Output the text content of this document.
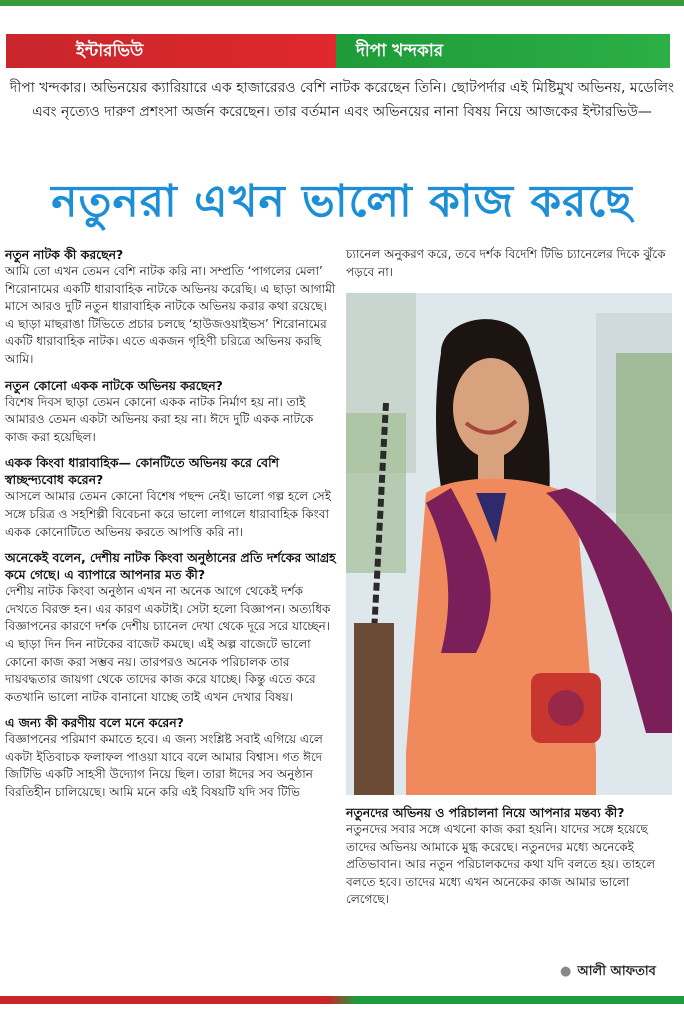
ইন্টারভিউ	দীপা খন্দকার
দীপা খন্দকার। অভিনয়ের ক্যারিয়ারে এক হাজারেরও বেশি নাটক করেছেন তিনি। ছোটপর্দার এই মিষ্টিমুখ অভিনয়, মডেলিং এবং নৃত্যেও দারুণ প্রশংসা অর্জন করেছেন। তার বর্তমান এবং অভিনয়ের নানা বিষয় নিয়ে আজকের ইন্টারভিউ—
নতুনরা এখন ভালো কাজ করছে

নতুন নাটক কী করছেন?

আমি তো এখন তেমন বেশি নাটক করি না। সম্প্রতি ‘পাগলের মেলা’ শিরোনামের একটি ধারাবাহিক নাটকে অভিনয় করেছি। এ ছাড়া আগামী মাসে আরও দুটি নতুন ধারাবাহিক নাটকে অভিনয় করার কথা রয়েছে। এ ছাড়া মাছরাঙা টিভিতে প্রচার চলছে ‘হাউজওয়াইভস’ শিরোনামের একটি ধারাবাহিক নাটক। এতে একজন গৃহিণী চরিত্রে অভিনয় করছি আমি।

নতুন কোনো একক নাটকে অভিনয় করছেন?

বিশেষ দিবস ছাড়া তেমন কোনো একক নাটক নির্মাণ হয় না। তাই আমারও তেমন একটা অভিনয় করা হয় না। ঈদে দুটি একক নাটকে কাজ করা হয়েছিল।

একক কিংবা ধারাবাহিক— কোনটিতে অভিনয় করে বেশি স্বাচ্ছন্দ্যবোধ করেন?

আসলে আমার তেমন কোনো বিশেষ পছন্দ নেই। ভালো গল্প হলে সেই সঙ্গে চরিত্র ও সহশিল্পী বিবেচনা করে ভালো লাগলে ধারাবাহিক কিংবা একক কোনোটিতে অভিনয় করতে আপত্তি করি না।

অনেকেই বলেন, দেশীয় নাটক কিংবা অনুষ্ঠানের প্রতি দর্শকের আগ্রহ কমে গেছে। এ ব্যাপারে আপনার মত কী?

দেশীয় নাটক কিংবা অনুষ্ঠান এখন না অনেক আগে থেকেই দর্শক দেখতে বিরক্ত হন। এর কারণ একটাই। সেটা হলো বিজ্ঞাপন। অত্যধিক বিজ্ঞাপনের কারণে দর্শক দেশীয় চ্যানেল দেখা থেকে দূরে সরে যাচ্ছেন। এ ছাড়া দিন দিন নাটকের বাজেট কমছে। এই অল্প বাজেটে ভালো কোনো কাজ করা সম্ভব নয়। তারপরও অনেক পরিচালক তার দায়বদ্ধতার জায়গা থেকে তাদের কাজ করে যাচ্ছে। কিন্তু এতে করে কতখানি ভালো নাটক বানানো যাচ্ছে তাই এখন দেখার বিষয়।

এ জন্য কী করণীয় বলে মনে করেন?

বিজ্ঞাপনের পরিমাণ কমাতে হবে। এ জন্য সংশ্লিষ্ট সবাই এগিয়ে এলে একটা ইতিবাচক ফলাফল পাওয়া যাবে বলে আমার বিশ্বাস। গত ঈদে জিটিভি একটি সাহসী উদ্যোগ নিয়ে ছিল। তারা ঈদের সব অনুষ্ঠান বিরতিহীন চালিয়েছে। আমি মনে করি এই বিষয়টি যদি সব টিভি

চ্যানেল অনুকরণ করে, তবে দর্শক বিদেশি টিভি চ্যানেলের দিকে ঝুঁকে পড়বে না।

নতুনদের অভিনয় ও পরিচালনা নিয়ে আপনার মন্তব্য কী?

নতুনদের সবার সঙ্গে এখনো কাজ করা হয়নি। যাদের সঙ্গে হয়েছে তাদের অভিনয় আমাকে মুগ্ধ করেছে। নতুনদের মধ্যে অনেকেই প্রতিভাবান। আর নতুন পরিচালকদের কথা যদি বলতে হয়। তাহলে বলতে হবে। তাদের মধ্যে এখন অনেকের কাজ আমার ভালো লেগেছে।

● আলী আফতাব
